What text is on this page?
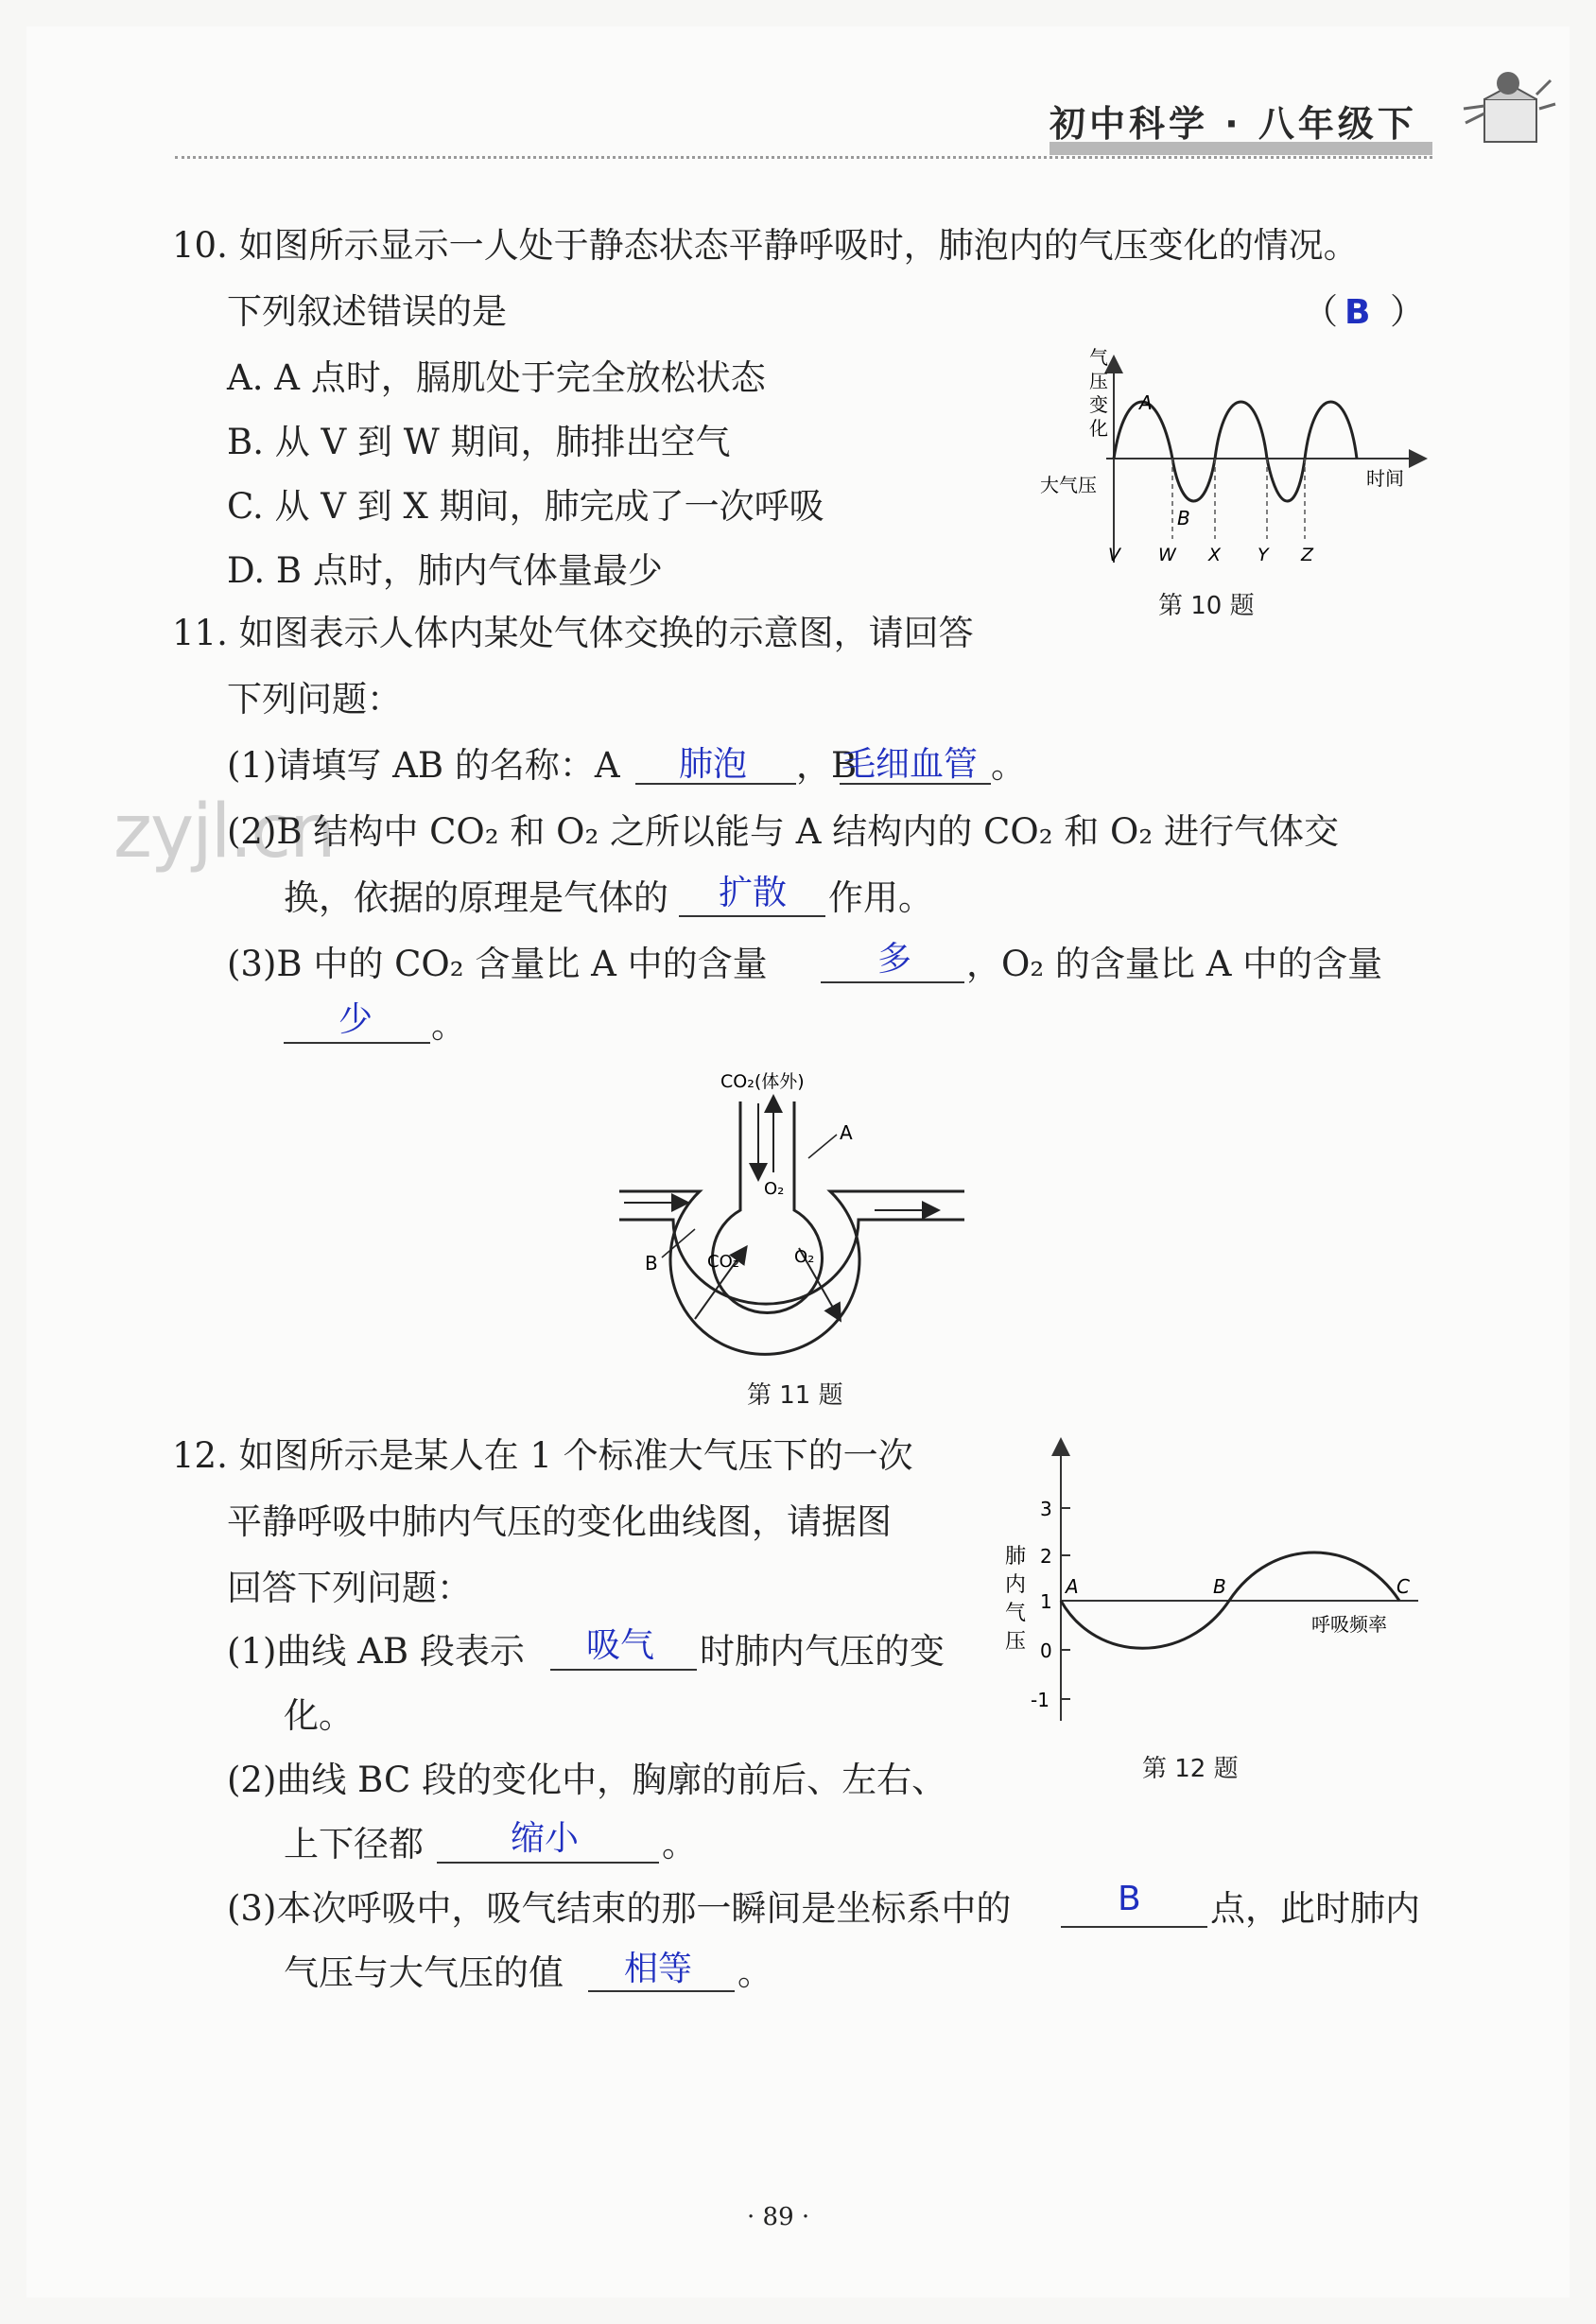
初中科学 · 八年级下
zyjl.cn
10. 如图所示显示一人处于静态状态平静呼吸时，肺泡内的气压变化的情况。
下列叙述错误的是	（ B ）
A. A 点时，膈肌处于完全放松状态
B. 从 V 到 W 期间，肺排出空气
C. 从 V 到 X 期间，肺完成了一次呼吸
D. B 点时，肺内气体量最少
气
压
变
化
大气压	时间
A
B
V W X Y Z
第 10 题
11. 如图表示人体内某处气体交换的示意图，请回答
下列问题：
(1)请填写 AB 的名称：A 肺泡 ，B
毛细血管 。
(2)B 结构中 CO₂ 和 O₂ 之所以能与 A 结构内的 CO₂ 和 O₂ 进行气体交
换，依据的原理是气体的 扩散 作用。
(3)B 中的 CO₂ 含量比 A 中的含量	多 ，O₂ 的含量比 A 中的含量
少 。
CO₂(体外)
O₂
A
B	CO₂	O₂
第 11 题
12. 如图所示是某人在 1 个标准大气压下的一次
平静呼吸中肺内气压的变化曲线图，请据图
回答下列问题：
(1)曲线 AB 段表示 吸气 时肺内气压的变
化。
(2)曲线 BC 段的变化中，胸廓的前后、左右、
上下径都	缩小 。
(3)本次呼吸中，吸气结束的那一瞬间是坐标系中的	B 点，此时肺内
气压与大气压的值 相等 。
3
2
1
0
-1
肺
内
气
压
A	B	C
呼吸频率
第 12 题
· 89 ·
